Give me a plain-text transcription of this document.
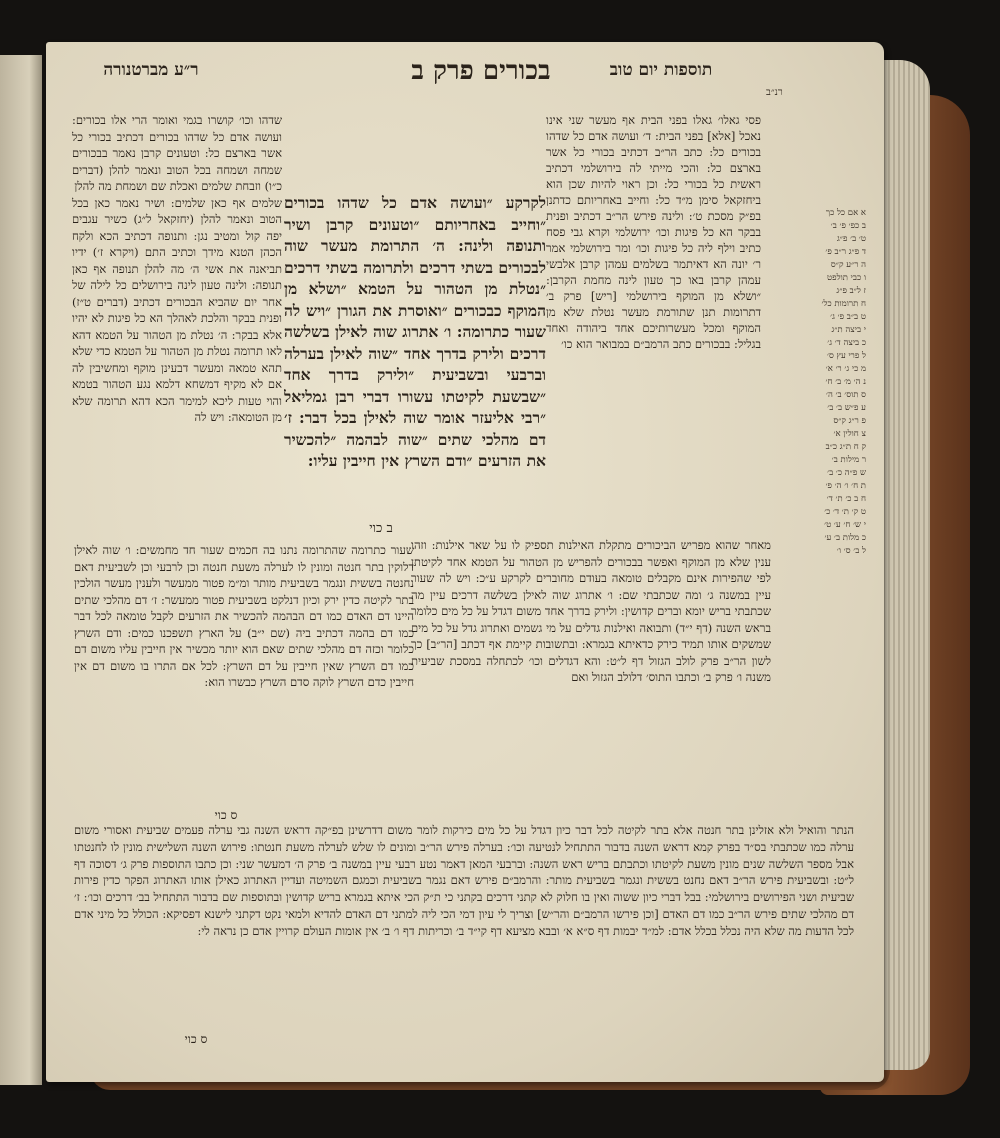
ר״ע מברטנורה	בכורים פרק ב	תוספות יום טוב
רנ״ב

שדהו וכו׳ קושרו בגמי ואומר הרי אלו בכורים: ועושה אדם כל שדהו בכורים דכתיב בכורי כל אשר בארצם כל: וטעונים קרבן נאמר בבכורים שמחה ושמחה בכל הטוב ונאמר להלן (דברים כ״ו) וזבחת שלמים ואכלת שם ושמחת מה להלן

שלמים אף כאן שלמים: ושיר נאמר כאן בכל הטוב ונאמר להלן (יחזקאל ל״ג) כשיר עגבים יפה קול ומטיב נגן: ותנופה דכתיב הכא ולקח הכהן הטנא מידך וכתיב התם (ויקרא ז׳) ידיו תביאנה את אשי ה׳ מה להלן תנופה אף כאן תנופה: ולינה טעון לינה בירושלים כל לילה של אחר יום שהביא הבכורים דכתיב (דברים ט״ז) ופנית בבקר והלכת לאהלך הא כל פיגות לא יהיו אלא בבקר: ה׳ נטלת מן הטהור על הטמא דהא לאו תרומה נטלת מן הטהור על הטמא כדי שלא תהא טמאה ומעשר דבעינן מוקף ומחשיבין לה אם לא מקיף דמשחא דלמא נגע הטהור בטמא והוי טעות ליכא למימר הכא דהא תרומה שלא מן הטומאה: ויש לה

לקרקע ״ועושה אדם כל שדהו בכורים ״וחייב באחריותם ״וטעונים קרבן ושיר ותנופה ולינה: ה׳ התרומת מעשר שוה לבכורים בשתי דרכים ולתרומה בשתי דרכים ״נטלת מן הטהור על הטמא ״ושלא מן המוקף כבכורים ״ואוסרת את הגורן ״ויש לה שעור כתרומה: ו׳ אתרוג שוה לאילן בשלשה דרכים ולירק בדרך אחד ״שוה לאילן בערלה וברבעי ובשביעית ״ולירק בדרך אחד ״שבשעת לקיטתו עשורו דברי רבן גמליאל ״רבי אליעזר אומר שוה לאילן בכל דבר: ז׳ דם מהלכי שתים ״שוה לבהמה ״להכשיר את הזרעים ״ודם השרץ אין חייבין עליו:

ב כוי

פסי גאלו׳ גאלו בפני הבית אף מעשר שני אינו נאכל [אלא] בפני הבית: ד׳ ועושה אדם כל שדהו בכורים כל: כתב הר״ב דכתיב בכורי כל אשר בארצם כל: והכי מייתי לה בירושלמי דכתיב ראשית כל בכורי כל: וכן ראוי להיות שכן הוא ביחזקאל סימן מ״ד כל: וחייב באחריותם כדתנן בפ״ק מסכת ט׳: ולינה פירש הר״ב דכתיב ופנית בבקר הא כל פיגות וכו׳ ירושלמי וקרא גבי פסח כתיב וילף ליה כל פיגות וכו׳ ומר בירושלמי אמר ר׳ יונה הא דאיתמר בשלמים עמהן קרבן אלבשי עמהן קרבן באו כך טעון לינה מחמת הקרבן: ״ושלא מן המוקף בירושלמי [ריש] פרק ב׳ דתרומות תנן שתורמת מעשר נטלת שלא מן המוקף ומכל מעשרותיכם אחד ביהודה ואחד בגליל: בבכורים כתב הרמב״ם במבואר הוא כו׳

א אם כל כך
ב כפ׳ פ׳ ב׳
ט׳ ב׳ פ״ג
ד פ״ג ר״ב פ׳
ה ר״ע ק״ס
ו כבי תולפט
ז ל״ב פ״ג
ח תרומות כל׳
ט ב״ב פ׳ ג׳
י ביצה ת״ג
כ ביצה ד׳ ג׳
ל פרי עץ ס׳
מ כי ג׳ ר׳ א׳
נ ה׳ מ׳ ב׳ ח׳
ס תוס׳ ב׳ ה׳
ע פ״ש ב׳ ב׳
פ ר״ג ק״ס
צ חולין א׳
ק ח ת״ג כ״ב
ר מילות ב׳
ש פ״ה כ׳ ב׳
ת ח׳ ו׳ ה׳ פ׳
ח ב כ׳ ת׳ ד׳
ט ק׳ ת׳ ד׳ כ׳
י ש׳ ח׳ ע׳ ט׳
כ מלות ב׳ ע׳
ל ב׳ ס׳ ו׳

שעור כתרומה שהתרומה נתנו בה חכמים שעור חד מחמשים: ו׳ שוה לאילן דלוקין בתר חנטה ומונין לו לערלה משעת חנטה וכן לרבעי וכן לשביעית דאם נחנטה בששית ונגמר בשביעית מותר ומ״מ פטור ממעשר ולענין מעשר הולכין בתר לקיטה כדין ירק וכיון דנלקט בשביעית פטור ממעשר: ז׳ דם מהלכי שתים היינו דם האדם כמו דם הבהמה להכשיר את הזרעים לקבל טומאה לכל דבר כמו דם בהמה דכתיב ביה (שם י״ב) על הארץ תשפכנו כמים: ודם השרץ כלומר וכזה דם מהלכי שתים שאם הוא יותר מכשיר אין חייבין עליו משום דם כמו דם השרץ שאין חייבין על דם השרץ: לכל אם התרו בו משום דם אין חייבין כדם השרץ לוקה סדם השרץ כבשרו הוא:

ס כוי

מאחר שהוא מפריש הביכורים מתקלת האילנות תספיק לו על שאר אילנות: וזהו ענין שלא מן המוקף ואפשר בבכורים להפריש מן הטהור על הטמא אחד לקיטתן לפי שהפירות אינם מקבלים טומאה בעודם מחוברים לקרקע ע״כ: ויש לה שעור עיין במשנה ג׳ ומה שכתבתי שם: ו׳ אתרוג שוה לאילן בשלשה דרכים עיין מה שכתבתי בריש יומא וברים קדושין: ולירק בדרך אחד משום דגדל על כל מים כלומר בראש השנה (דף י״ד) ותבואה ואילנות גדלים על מי גשמים ואתרוג גדל על כל מים שמשקים אותו תמיד כירק כדאיתא בגמרא: ובתשובות קיימת אף דכתב [הר״ב] כך לשון הר״ב פרק לולב הגזול דף ל״ט: והא דגדלים וכו׳ לכתחלה במסכת שביעית משנה ו׳ פרק ב׳ וכתבו התוס׳ דלולב הגזול ואם

הנתר והואיל ולא אזלינן בתר חנטה אלא בתר לקיטה לכל דבר כיון דגדל על כל מים כירקות לומר משום דדרשינן בפ״קה דראש השנה גבי ערלה פעמים שביעית ואסורי משום ערלה כמו שכתבתי בס״ד בפרק קמא דראש השנה בדבור התתחיל לנטיעה וכו׳: בערלה פירש הר״ב ומונים לו שלש לערלה משעת חנטתו: פירוש השנה השלישית מונין לו לחנטתו אבל מספר השלשה שנים מונין משעת לקיטתו וכתבתם בריש ראש השנה: וברבעי המאן דאמר נטע רבעי עיין במשנה ב׳ פרק ה׳ דמעשר שני: וכן כתבו התוספות פרק ג׳ דסוכה דף ל״ט: ובשביעית פירש הר״ב דאם נחנט בששית ונגמר בשביעית מותר: והרמב״ם פירש דאם נגמר בשביעית וכמגם השמיטה ועדיין האתרוג כאילן אותו האתרוג הפקר כדין פירות שביעית ושני הפירושים בירושלמי: בבל דברי כיון ששוה ואין בו חלוק לא קתני דרכים בקתני כי ת״ק הכי איתא בגמרא בריש קדושין ובתוספות שם בדבור התתחיל בב׳ דרכים וכו׳: ז׳ דם מהלכי שתים פירש הר״ב כמו דם האדם [וכן פירשו הרמב״ם והר״ש] וצריך לי עיון דמי הכי ליה למתני דם האדם להדיא ולמאי נקט דקתני לישנא דפסיקא: הכולל כל מיני אדם לכל הדעות מה שלא היה נכלל בכלל אדם: למ״ד יבמות דף ס״א א׳ ובבא מציעא דף קי״ד ב׳ וכריתות דף ו׳ ב׳ אין אומות העולם קרויין אדם כן נראה לי:

ס כוי
